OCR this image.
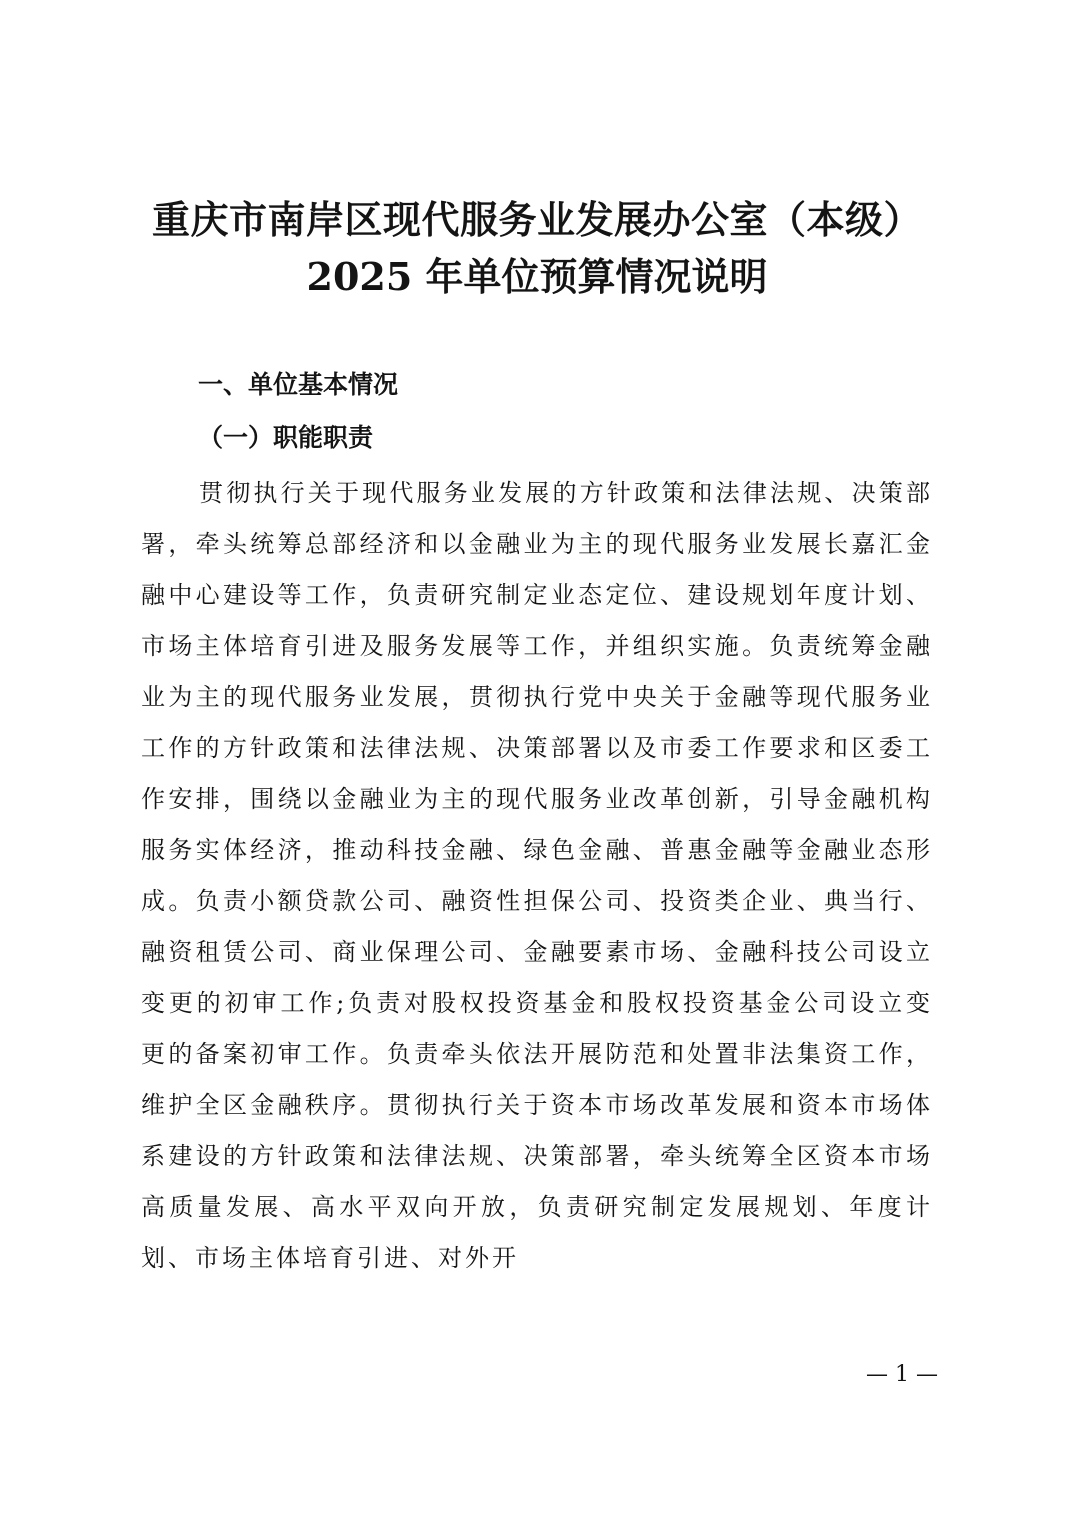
重庆市南岸区现代服务业发展办公室（本级）
2025 年单位预算情况说明
一、单位基本情况
（一）职能职责

贯彻执行关于现代服务业发展的方针政策和法律法规、决策部署，牵头统筹总部经济和以金融业为主的现代服务业发展长嘉汇金融中心建设等工作，负责研究制定业态定位、建设规划年度计划、市场主体培育引进及服务发展等工作，并组织实施。负责统筹金融业为主的现代服务业发展，贯彻执行党中央关于金融等现代服务业工作的方针政策和法律法规、决策部署以及市委工作要求和区委工作安排，围绕以金融业为主的现代服务业改革创新，引导金融机构服务实体经济，推动科技金融、绿色金融、普惠金融等金融业态形成。负责小额贷款公司、融资性担保公司、投资类企业、典当行、融资租赁公司、商业保理公司、金融要素市场、金融科技公司设立变更的初审工作;负责对股权投资基金和股权投资基金公司设立变更的备案初审工作。负责牵头依法开展防范和处置非法集资工作，维护全区金融秩序。贯彻执行关于资本市场改革发展和资本市场体系建设的方针政策和法律法规、决策部署，牵头统筹全区资本市场高质量发展、高水平双向开放，负责研究制定发展规划、年度计划、市场主体培育引进、对外开

— 1 —
